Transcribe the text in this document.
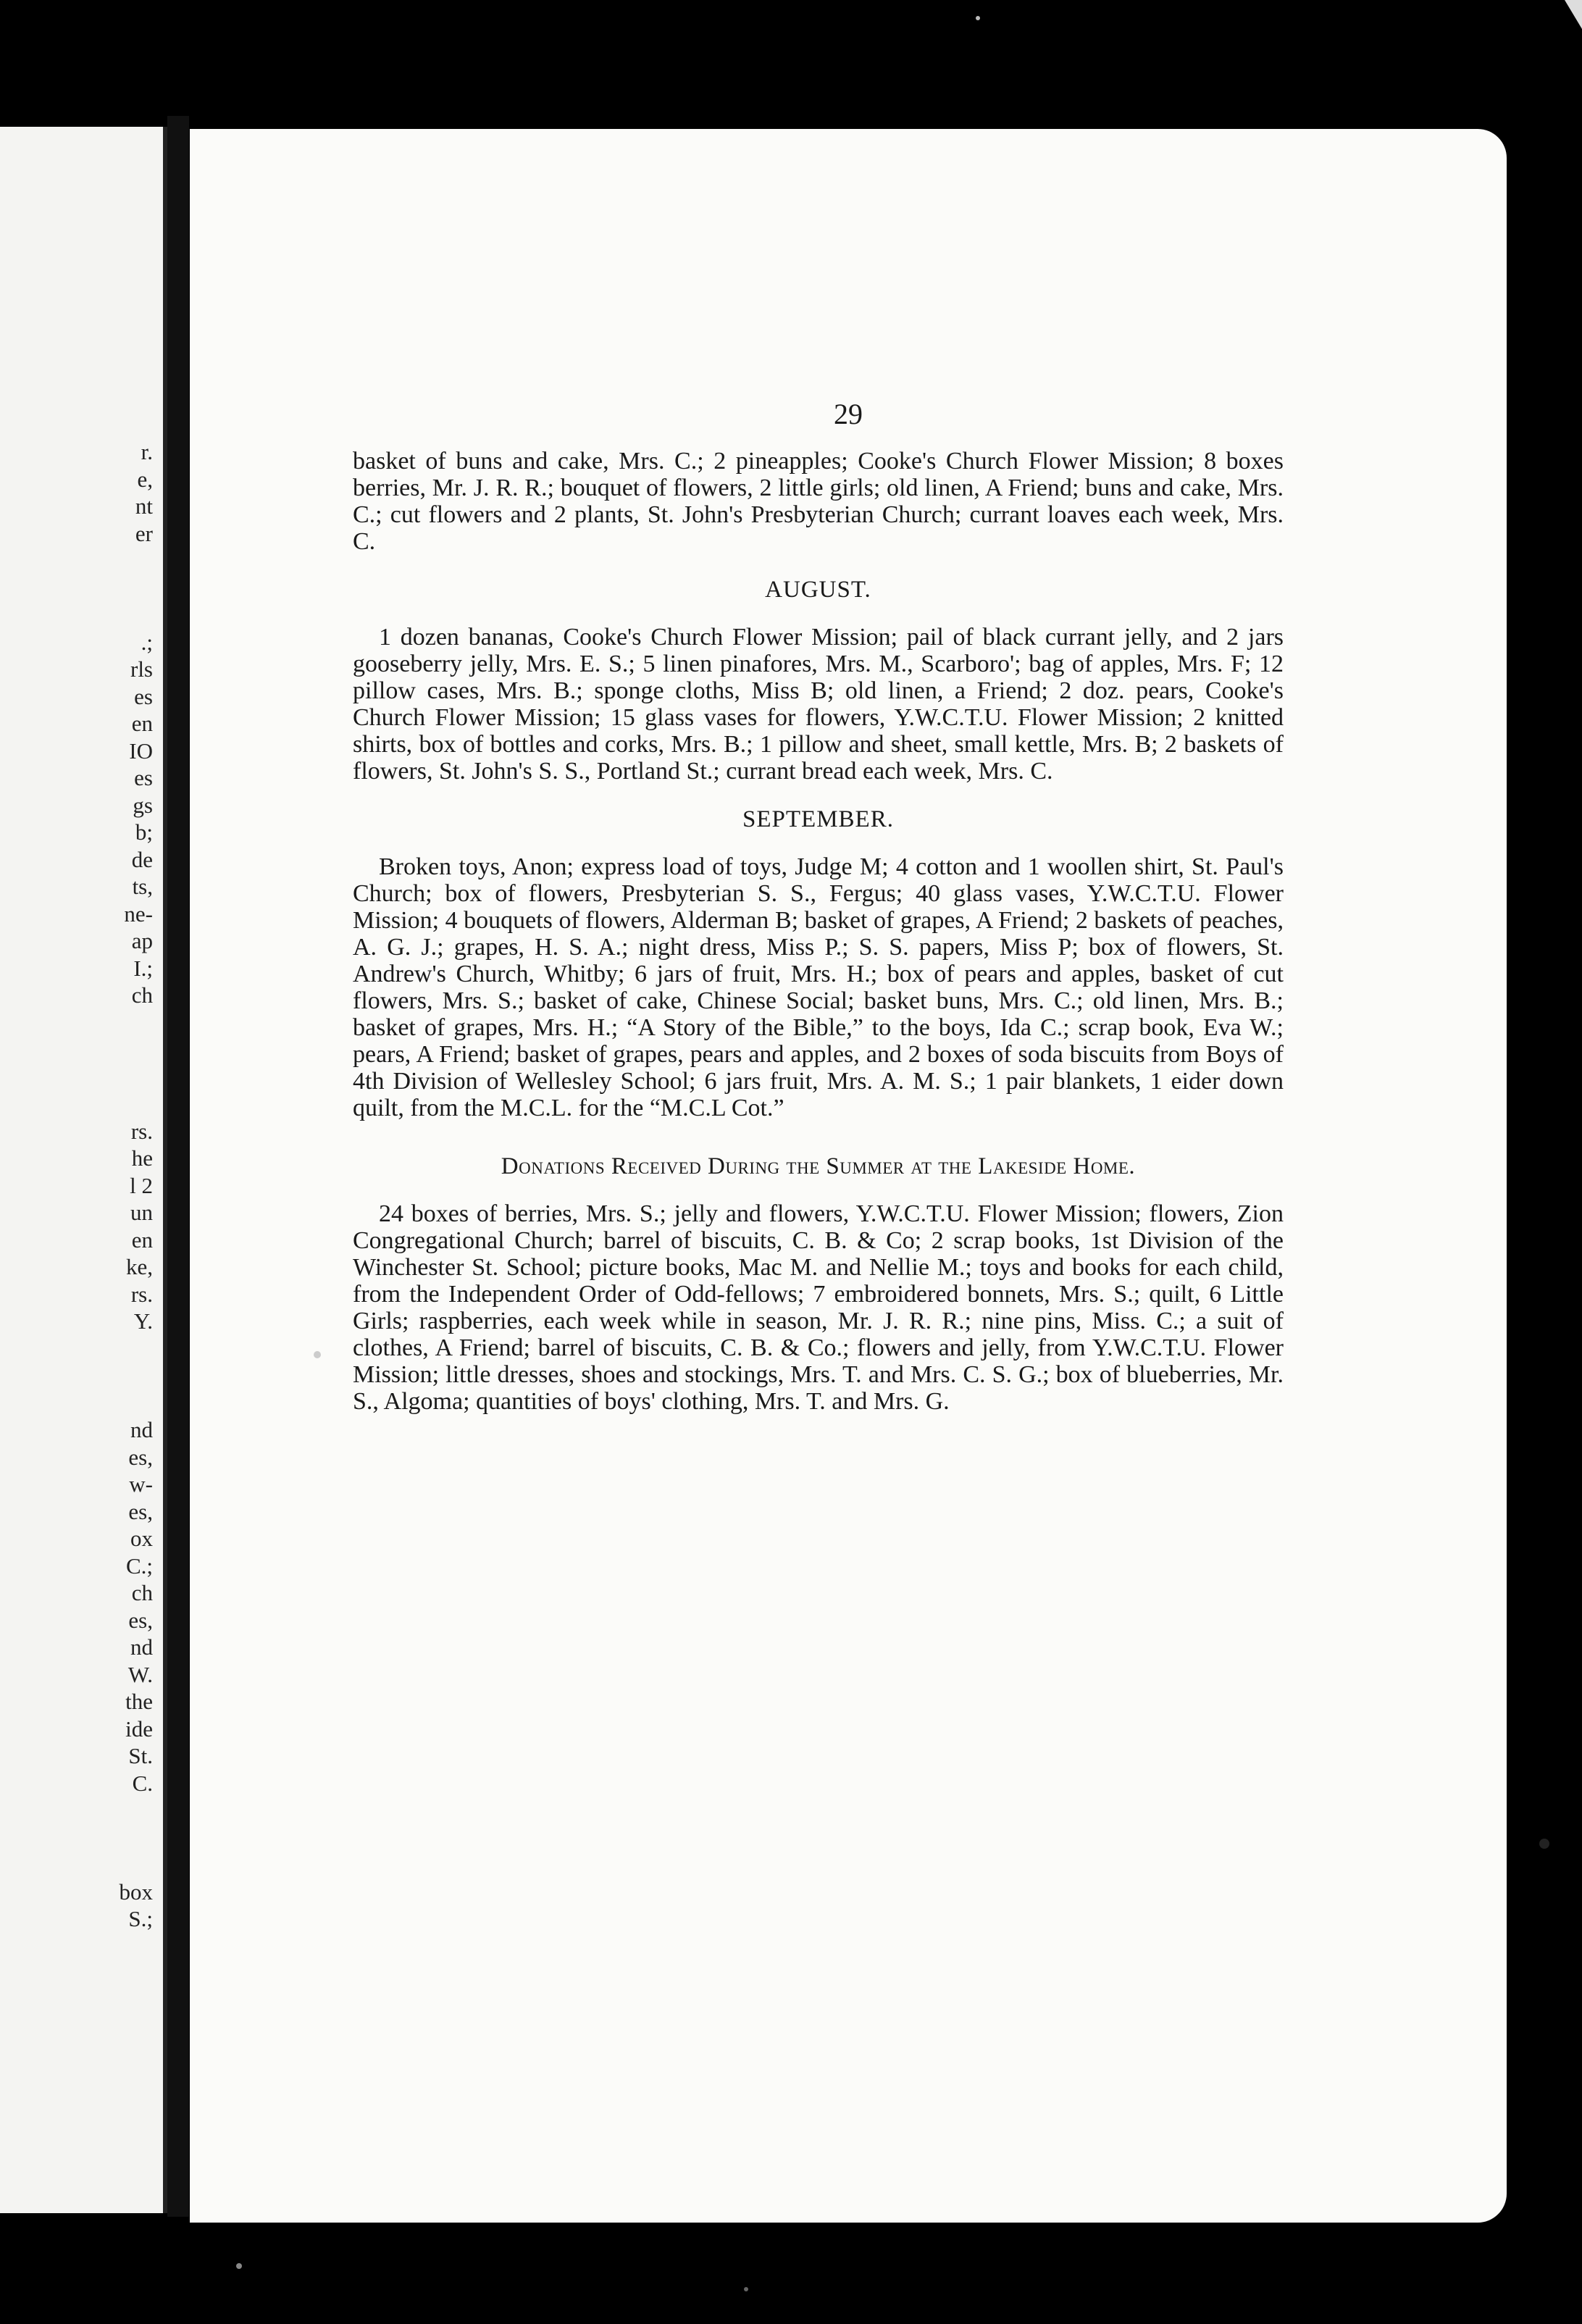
r.
e,
nt
er
.;
rls
es
en
IO
es
gs
b;
de
ts,
ne-
ap
I.;
ch
rs.
he
l 2
un
en
ke,
rs.
Y.
nd
es,
w-
es,
ox
C.;
ch
es,
nd
W.
the
ide
St.
C.
box
S.;
29

basket of buns and cake, Mrs. C.; 2 pineapples; Cooke's Church Flower Mission; 8 boxes berries, Mr. J. R. R.; bouquet of flowers, 2 little girls; old linen, A Friend; buns and cake, Mrs. C.; cut flowers and 2 plants, St. John's Presbyterian Church; currant loaves each week, Mrs. C.

AUGUST.

1 dozen bananas, Cooke's Church Flower Mission; pail of black currant jelly, and 2 jars gooseberry jelly, Mrs. E. S.; 5 linen pinafores, Mrs. M., Scarboro'; bag of apples, Mrs. F; 12 pillow cases, Mrs. B.; sponge cloths, Miss B; old linen, a Friend; 2 doz. pears, Cooke's Church Flower Mission; 15 glass vases for flowers, Y.W.C.T.U. Flower Mission; 2 knitted shirts, box of bottles and corks, Mrs. B.; 1 pillow and sheet, small kettle, Mrs. B; 2 baskets of flowers, St. John's S. S., Portland St.; currant bread each week, Mrs. C.

SEPTEMBER.

Broken toys, Anon; express load of toys, Judge M; 4 cotton and 1 woollen shirt, St. Paul's Church; box of flowers, Presbyterian S. S., Fergus; 40 glass vases, Y.W.C.T.U. Flower Mission; 4 bouquets of flowers, Alderman B; basket of grapes, A Friend; 2 baskets of peaches, A. G. J.; grapes, H. S. A.; night dress, Miss P.; S. S. papers, Miss P; box of flowers, St. Andrew's Church, Whitby; 6 jars of fruit, Mrs. H.; box of pears and apples, basket of cut flowers, Mrs. S.; basket of cake, Chinese Social; basket buns, Mrs. C.; old linen, Mrs. B.; basket of grapes, Mrs. H.; “A Story of the Bible,” to the boys, Ida C.; scrap book, Eva W.; pears, A Friend; basket of grapes, pears and apples, and 2 boxes of soda biscuits from Boys of 4th Division of Wellesley School; 6 jars fruit, Mrs. A. M. S.; 1 pair blankets, 1 eider down quilt, from the M.C.L. for the “M.C.L Cot.”

Donations Received During the Summer at the Lakeside Home.

24 boxes of berries, Mrs. S.; jelly and flowers, Y.W.C.T.U. Flower Mission; flowers, Zion Congregational Church; barrel of biscuits, C. B. & Co; 2 scrap books, 1st Division of the Winchester St. School; picture books, Mac M. and Nellie M.; toys and books for each child, from the Independent Order of Odd-fellows; 7 embroidered bonnets, Mrs. S.; quilt, 6 Little Girls; raspberries, each week while in season, Mr. J. R. R.; nine pins, Miss. C.; a suit of clothes, A Friend; barrel of biscuits, C. B. & Co.; flowers and jelly, from Y.W.C.T.U. Flower Mission; little dresses, shoes and stockings, Mrs. T. and Mrs. C. S. G.; box of blueberries, Mr. S., Algoma; quantities of boys' clothing, Mrs. T. and Mrs. G.
